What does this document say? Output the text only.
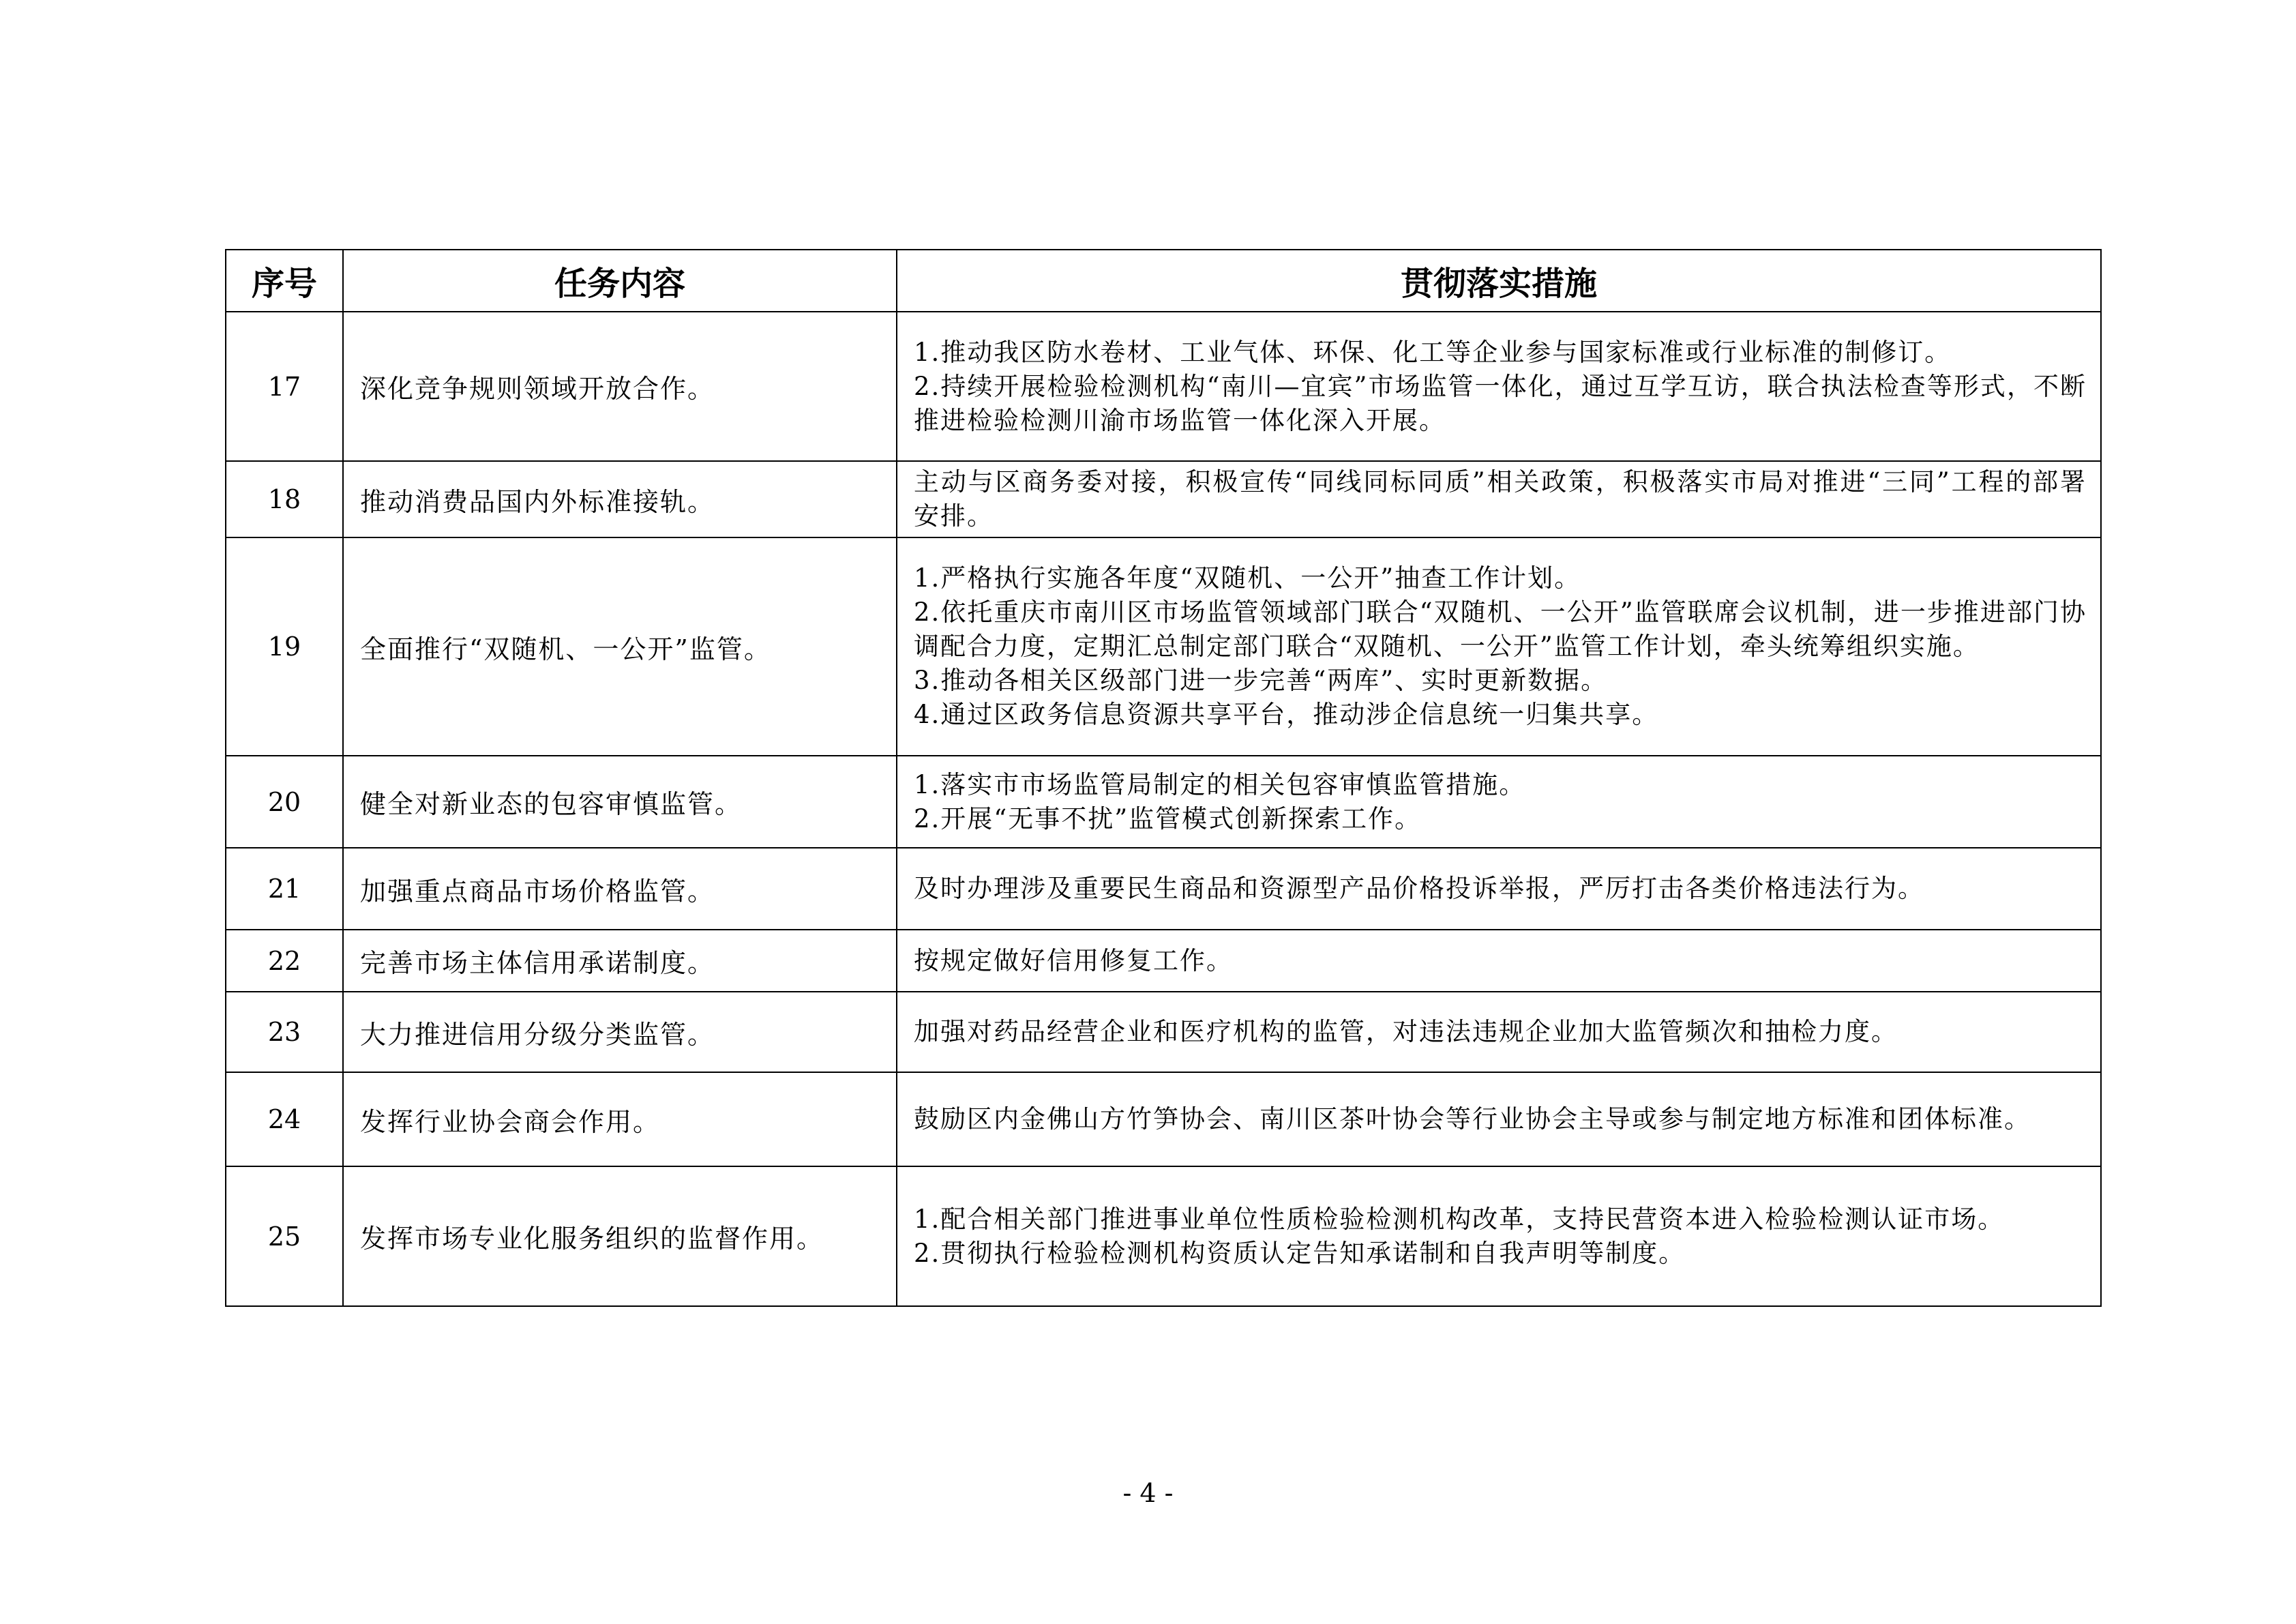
序号	任务内容	贯彻落实措施
17	深化竞争规则领域开放合作。	1.推动我区防水卷材、工业气体、环保、化工等企业参与国家标准或行业标准的制修订。
2.持续开展检验检测机构“南川—宜宾”市场监管一体化，通过互学互访，联合执法检查等形式，不断推进检验检测川渝市场监管一体化深入开展。

18	推动消费品国内外标准接轨。	主动与区商务委对接，积极宣传“同线同标同质”相关政策，积极落实市局对推进“三同”工程的部署安排。

19	全面推行“双随机、一公开”监管。	1.严格执行实施各年度“双随机、一公开”抽查工作计划。
2.依托重庆市南川区市场监管领域部门联合“双随机、一公开”监管联席会议机制，进一步推进部门协调配合力度，定期汇总制定部门联合“双随机、一公开”监管工作计划，牵头统筹组织实施。
3.推动各相关区级部门进一步完善“两库”、实时更新数据。
4.通过区政务信息资源共享平台，推动涉企信息统一归集共享。

20	健全对新业态的包容审慎监管。	1.落实市市场监管局制定的相关包容审慎监管措施。
2.开展“无事不扰”监管模式创新探索工作。

21	加强重点商品市场价格监管。	及时办理涉及重要民生商品和资源型产品价格投诉举报，严厉打击各类价格违法行为。

22	完善市场主体信用承诺制度。	按规定做好信用修复工作。

23	大力推进信用分级分类监管。	加强对药品经营企业和医疗机构的监管，对违法违规企业加大监管频次和抽检力度。

24	发挥行业协会商会作用。	鼓励区内金佛山方竹笋协会、南川区茶叶协会等行业协会主导或参与制定地方标准和团体标准。

25	发挥市场专业化服务组织的监督作用。	1.配合相关部门推进事业单位性质检验检测机构改革，支持民营资本进入检验检测认证市场。
2.贯彻执行检验检测机构资质认定告知承诺制和自我声明等制度。
- 4 -
